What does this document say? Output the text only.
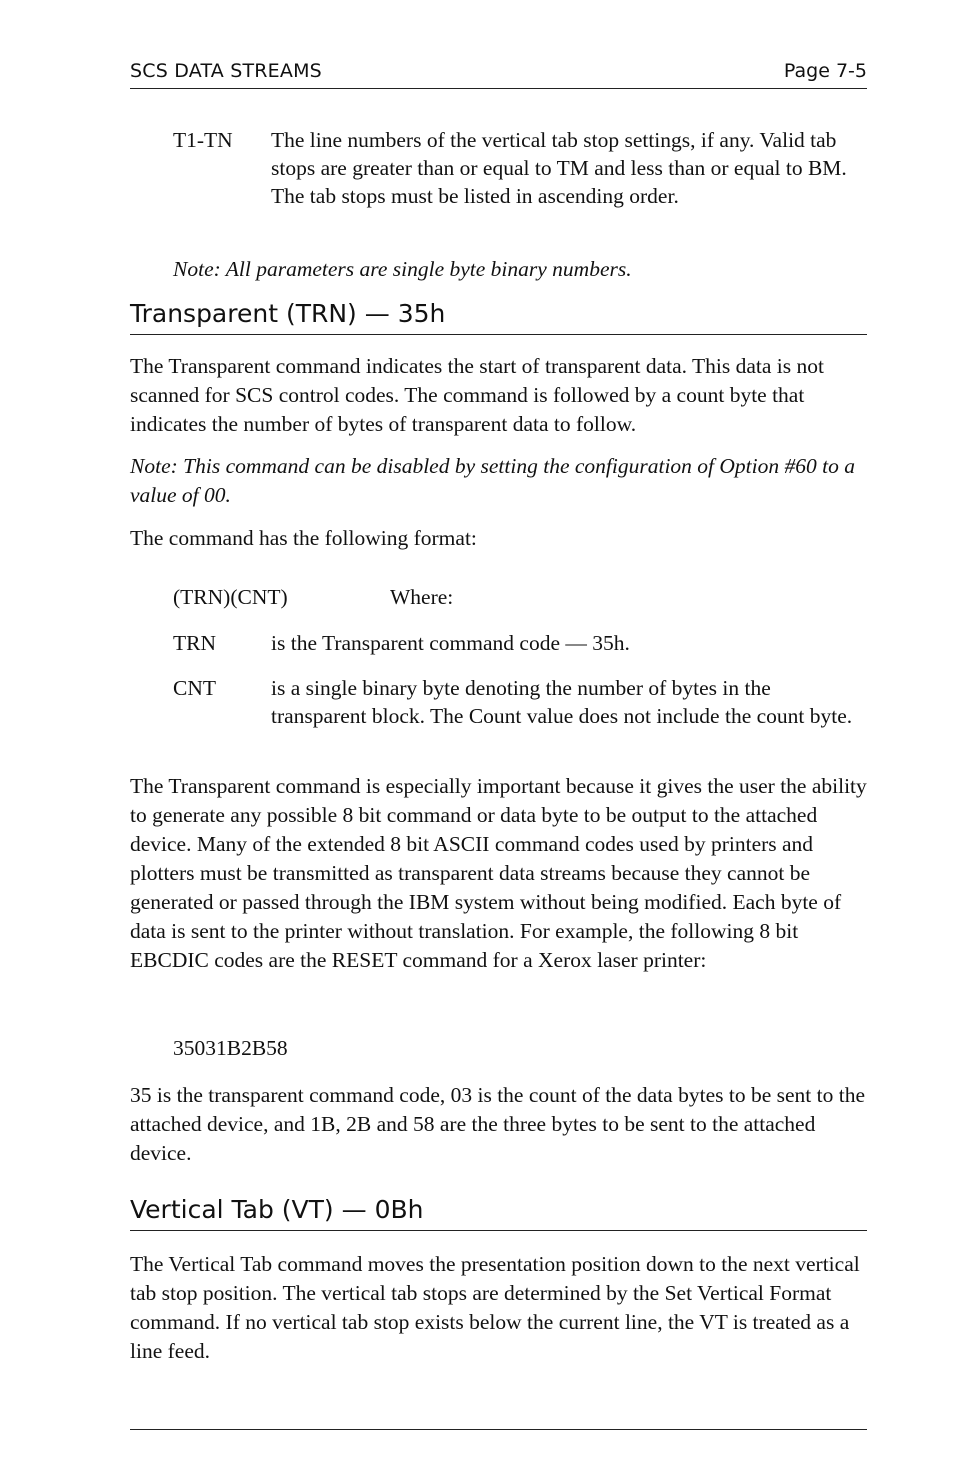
SCS DATA STREAMS	Page 7-5
T1-TN The line numbers of the vertical tab stop settings, if any. Valid tab stops are greater than or equal to TM and less than or equal to BM. The tab stops must be listed in ascending order.
Note: All parameters are single byte binary numbers.
Transparent (TRN) — 35h
The Transparent command indicates the start of transparent data. This data is not scanned for SCS control codes. The command is followed by a count byte that indicates the number of bytes of transparent data to follow.
Note: This command can be disabled by setting the configuration of Option #60 to a value of 00.
The command has the following format:
(TRN)(CNT)	Where:
TRN	is the Transparent command code — 35h.
CNT	is a single binary byte denoting the number of bytes in the transparent block. The Count value does not include the count byte.
The Transparent command is especially important because it gives the user the ability to generate any possible 8 bit command or data byte to be output to the attached device. Many of the extended 8 bit ASCII command codes used by printers and plotters must be transmitted as transparent data streams because they cannot be generated or passed through the IBM system without being modified. Each byte of data is sent to the printer without translation. For example, the following 8 bit EBCDIC codes are the RESET command for a Xerox laser printer:
35031B2B58
35 is the transparent command code, 03 is the count of the data bytes to be sent to the attached device, and 1B, 2B and 58 are the three bytes to be sent to the attached device.
Vertical Tab (VT) — 0Bh
The Vertical Tab command moves the presentation position down to the next vertical tab stop position. The vertical tab stops are determined by the Set Vertical Format command. If no vertical tab stop exists below the current line, the VT is treated as a line feed.
